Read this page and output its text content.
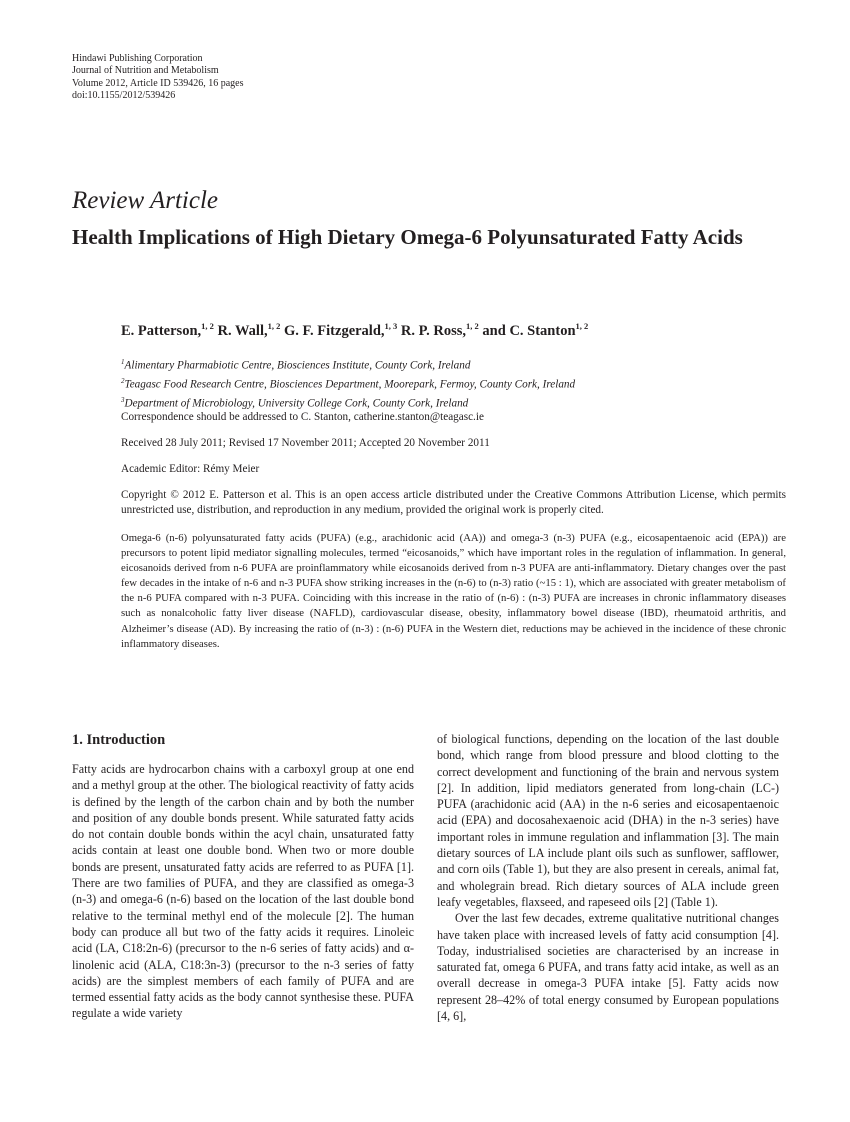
Hindawi Publishing Corporation
Journal of Nutrition and Metabolism
Volume 2012, Article ID 539426, 16 pages
doi:10.1155/2012/539426
Review Article
Health Implications of High Dietary Omega-6 Polyunsaturated Fatty Acids
E. Patterson,$^{1, 2}$ R. Wall,$^{1, 2}$ G. F. Fitzgerald,$^{1, 3}$ R. P. Ross,$^{1, 2}$ and C. Stanton$^{1, 2}$
$^1$Alimentary Pharmabiotic Centre, Biosciences Institute, County Cork, Ireland
$^2$Teagasc Food Research Centre, Biosciences Department, Moorepark, Fermoy, County Cork, Ireland
$^3$Department of Microbiology, University College Cork, County Cork, Ireland
Correspondence should be addressed to C. Stanton, catherine.stanton@teagasc.ie
Received 28 July 2011; Revised 17 November 2011; Accepted 20 November 2011
Academic Editor: Rémy Meier
Copyright © 2012 E. Patterson et al. This is an open access article distributed under the Creative Commons Attribution License, which permits unrestricted use, distribution, and reproduction in any medium, provided the original work is properly cited.
Omega-6 (n-6) polyunsaturated fatty acids (PUFA) (e.g., arachidonic acid (AA)) and omega-3 (n-3) PUFA (e.g., eicosapentaenoic acid (EPA)) are precursors to potent lipid mediator signalling molecules, termed “eicosanoids,” which have important roles in the regulation of inflammation. In general, eicosanoids derived from n-6 PUFA are proinflammatory while eicosanoids derived from n-3 PUFA are anti-inflammatory. Dietary changes over the past few decades in the intake of n-6 and n-3 PUFA show striking increases in the (n-6) to (n-3) ratio (~15 : 1), which are associated with greater metabolism of the n-6 PUFA compared with n-3 PUFA. Coinciding with this increase in the ratio of (n-6) : (n-3) PUFA are increases in chronic inflammatory diseases such as nonalcoholic fatty liver disease (NAFLD), cardiovascular disease, obesity, inflammatory bowel disease (IBD), rheumatoid arthritis, and Alzheimer’s disease (AD). By increasing the ratio of (n-3) : (n-6) PUFA in the Western diet, reductions may be achieved in the incidence of these chronic inflammatory diseases.
1. Introduction

Fatty acids are hydrocarbon chains with a carboxyl group at one end and a methyl group at the other. The biological reactivity of fatty acids is defined by the length of the carbon chain and by both the number and position of any double bonds present. While saturated fatty acids do not contain double bonds within the acyl chain, unsaturated fatty acids contain at least one double bond. When two or more double bonds are present, unsaturated fatty acids are referred to as PUFA [1]. There are two families of PUFA, and they are classified as omega-3 (n-3) and omega-6 (n-6) based on the location of the last double bond relative to the terminal methyl end of the molecule [2]. The human body can produce all but two of the fatty acids it requires. Linoleic acid (LA, C18:2n-6) (precursor to the n-6 series of fatty acids) and α-linolenic acid (ALA, C18:3n-3) (precursor to the n-3 series of fatty acids) are the simplest members of each family of PUFA and are termed essential fatty acids as the body cannot synthesise these. PUFA regulate a wide variety

of biological functions, depending on the location of the last double bond, which range from blood pressure and blood clotting to the correct development and functioning of the brain and nervous system [2]. In addition, lipid mediators generated from long-chain (LC-) PUFA (arachidonic acid (AA) in the n-6 series and eicosapentaenoic acid (EPA) and docosahexaenoic acid (DHA) in the n-3 series) have important roles in immune regulation and inflammation [3]. The main dietary sources of LA include plant oils such as sunflower, safflower, and corn oils (Table 1), but they are also present in cereals, animal fat, and wholegrain bread. Rich dietary sources of ALA include green leafy vegetables, flaxseed, and rapeseed oils [2] (Table 1).

Over the last few decades, extreme qualitative nutritional changes have taken place with increased levels of fatty acid consumption [4]. Today, industrialised societies are characterised by an increase in saturated fat, omega 6 PUFA, and trans fatty acid intake, as well as an overall decrease in omega-3 PUFA intake [5]. Fatty acids now represent 28–42% of total energy consumed by European populations [4, 6],
